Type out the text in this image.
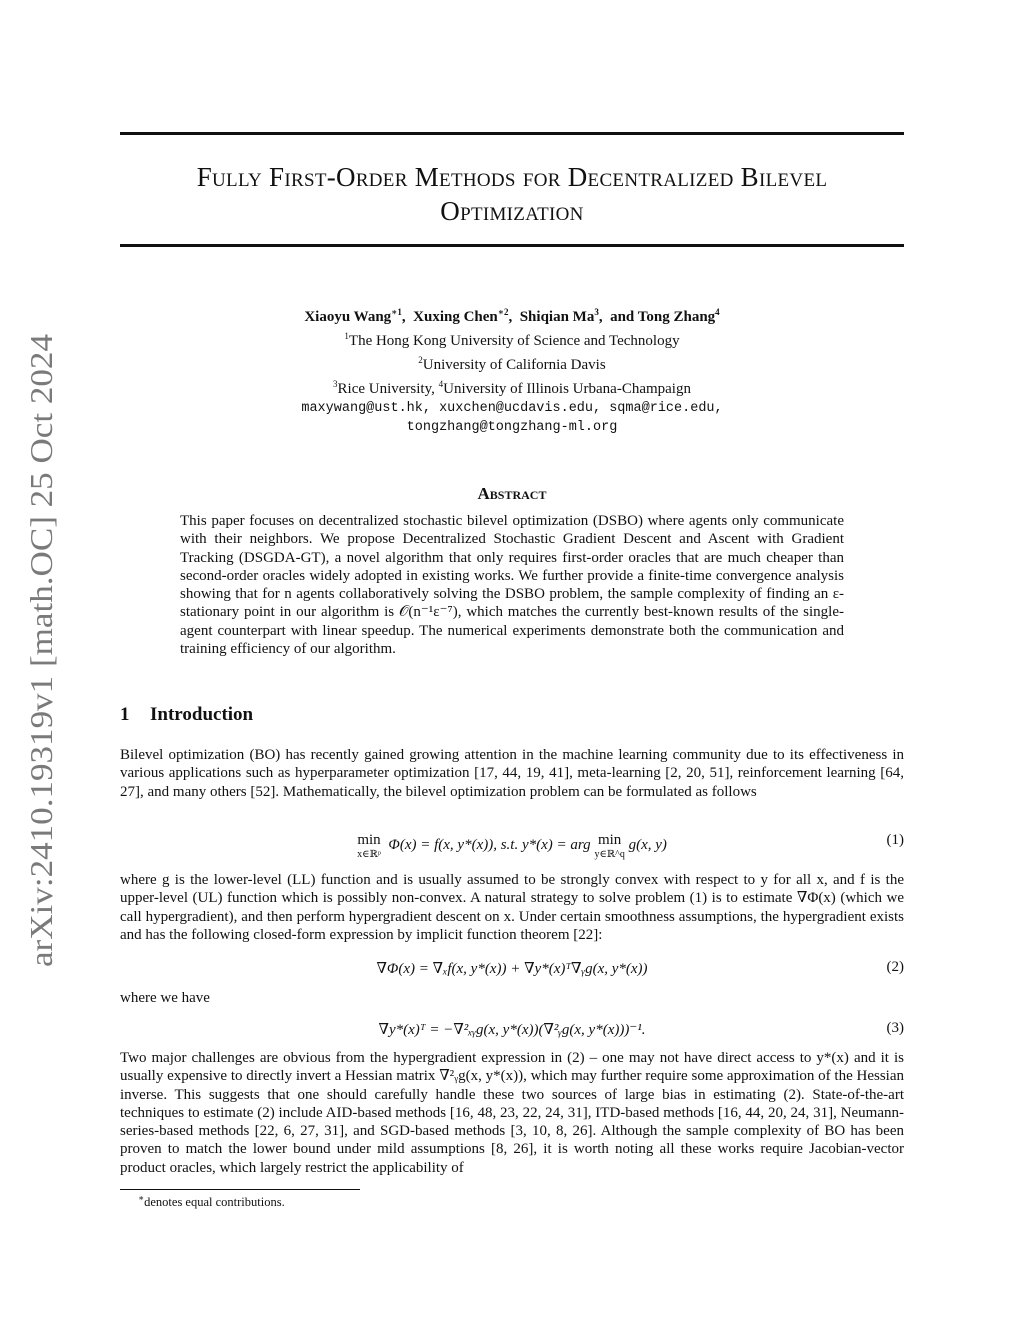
arXiv:2410.19319v1 [math.OC] 25 Oct 2024
Fully First-Order Methods for Decentralized Bilevel
Optimization
Xiaoyu Wang$^{∗1}$,  Xuxing Chen$^{∗2}$,  Shiqian Ma$^3$,  and Tong Zhang$^4$
$^1$The Hong Kong University of Science and Technology
$^2$University of California Davis
$^3$Rice University, $^4$University of Illinois Urbana-Champaign
maxywang@ust.hk, xuxchen@ucdavis.edu, sqma@rice.edu,
tongzhang@tongzhang-ml.org
Abstract
This paper focuses on decentralized stochastic bilevel optimization (DSBO) where agents only communicate with their neighbors. We propose Decentralized Stochastic Gradient Descent and Ascent with Gradient Tracking (DSGDA-GT), a novel algorithm that only requires first-order oracles that are much cheaper than second-order oracles widely adopted in existing works. We further provide a finite-time convergence analysis showing that for n agents collaboratively solving the DSBO problem, the sample complexity of finding an ε-stationary point in our algorithm is 𝒪(n⁻¹ε⁻⁷), which matches the currently best-known results of the single-agent counterpart with linear speedup. The numerical experiments demonstrate both the communication and training efficiency of our algorithm.
1 Introduction
Bilevel optimization (BO) has recently gained growing attention in the machine learning community due to its effectiveness in various applications such as hyperparameter optimization [17, 44, 19, 41], meta-learning [2, 20, 51], reinforcement learning [64, 27], and many others [52]. Mathematically, the bilevel optimization problem can be formulated as follows
min
x∈ℝᵖ
Φ(x) = f(x, y*(x)), s.t. y*(x) = arg min
y∈ℝ^q
g(x, y)	(1)
where g is the lower-level (LL) function and is usually assumed to be strongly convex with respect to y for all x, and f is the upper-level (UL) function which is possibly non-convex. A natural strategy to solve problem (1) is to estimate ∇Φ(x) (which we call hypergradient), and then perform hypergradient descent on x. Under certain smoothness assumptions, the hypergradient exists and has the following closed-form expression by implicit function theorem [22]:
∇Φ(x) = ∇ₓf(x, y*(x)) + ∇y*(x)ᵀ∇ᵧg(x, y*(x))	(2)
where we have
∇y*(x)ᵀ = −∇²ₓᵧg(x, y*(x))(∇²ᵧg(x, y*(x)))⁻¹.	(3)
Two major challenges are obvious from the hypergradient expression in (2) – one may not have direct access to y*(x) and it is usually expensive to directly invert a Hessian matrix ∇²ᵧg(x, y*(x)), which may further require some approximation of the Hessian inverse. This suggests that one should carefully handle these two sources of large bias in estimating (2). State-of-the-art techniques to estimate (2) include AID-based methods [16, 48, 23, 22, 24, 31], ITD-based methods [16, 44, 20, 24, 31], Neumann-series-based methods [22, 6, 27, 31], and SGD-based methods [3, 10, 8, 26]. Although the sample complexity of BO has been proven to match the lower bound under mild assumptions [8, 26], it is worth noting all these works require Jacobian-vector product oracles, which largely restrict the applicability of
∗denotes equal contributions.
